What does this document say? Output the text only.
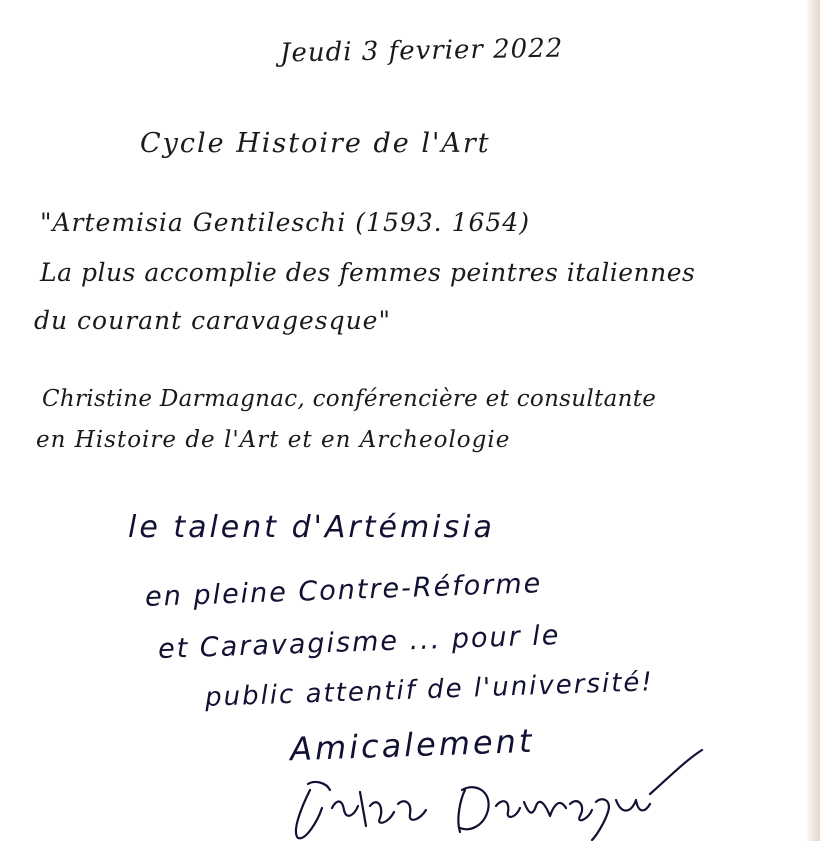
Jeudi 3 fevrier 2022
Cycle Histoire de l'Art
"Artemisia Gentileschi (1593. 1654)
La plus accomplie des femmes peintres italiennes
du courant caravagesque"
Christine Darmagnac, conférencière et consultante
en Histoire de l'Art et en Archeologie
le talent d'Artémisia
en pleine Contre-Réforme
et Caravagisme ... pour le
public attentif de l'université!
Amicalement
